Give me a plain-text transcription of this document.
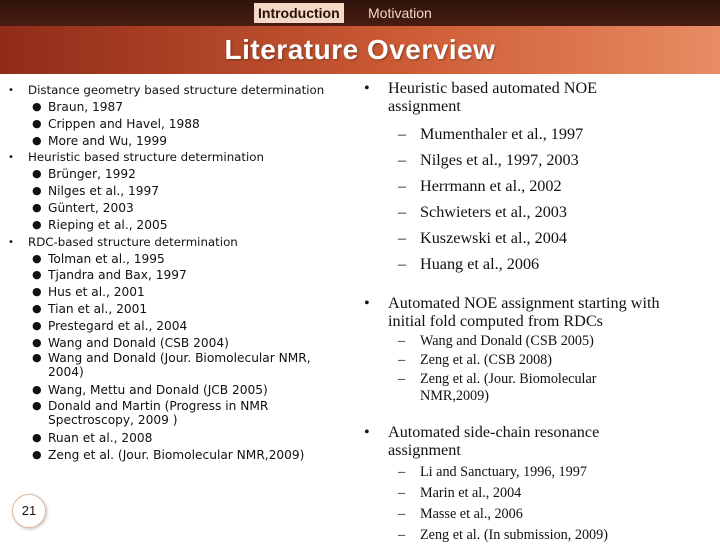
Introduction Motivation
Literature Overview
• Distance geometry based structure determination
● Braun, 1987
● Crippen and Havel, 1988
● More and Wu, 1999
• Heuristic based structure determination
● Brünger, 1992
● Nilges et al., 1997
● Güntert, 2003
● Rieping et al., 2005
• RDC-based structure determination
● Tolman et al., 1995
● Tjandra and Bax, 1997
● Hus et al., 2001
● Tian et al., 2001
● Prestegard et al., 2004
● Wang and Donald (CSB 2004)
● Wang and Donald (Jour. Biomolecular NMR,
2004)
● Wang, Mettu and Donald (JCB 2005)
● Donald and Martin (Progress in NMR
Spectroscopy, 2009 )
● Ruan et al., 2008
● Zeng et al. (Jour. Biomolecular NMR,2009)
• Heuristic based automated NOE
assignment
– Mumenthaler et al., 1997
– Nilges et al., 1997, 2003
– Herrmann et al., 2002
– Schwieters et al., 2003
– Kuszewski et al., 2004
– Huang et al., 2006
• Automated NOE assignment starting with
initial fold computed from RDCs
– Wang and Donald (CSB 2005)
– Zeng et al. (CSB 2008)
– Zeng et al. (Jour. Biomolecular
NMR,2009)
• Automated side-chain resonance
assignment
– Li and Sanctuary, 1996, 1997
– Marin et al., 2004
– Masse et al., 2006
– Zeng et al. (In submission, 2009)
21
